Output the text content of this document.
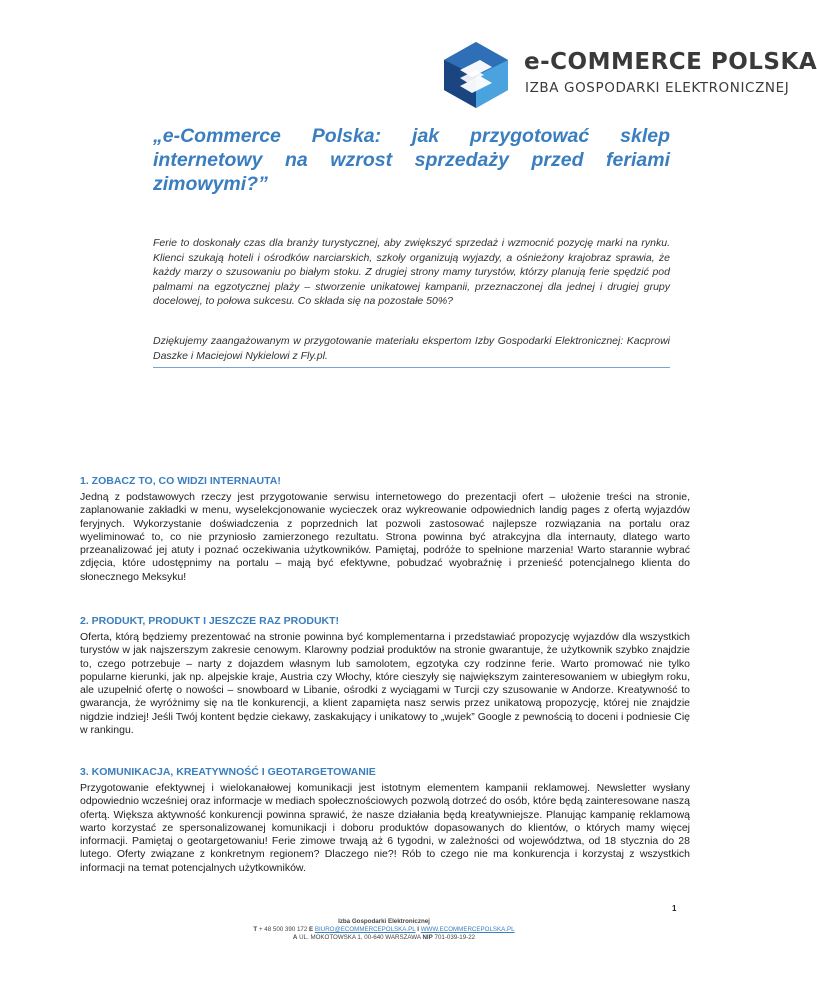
e-COMMERCE POLSKA
IZBA GOSPODARKI ELEKTRONICZNEJ
„e-Commerce Polska: jak przygotować sklep internetowy na wzrost sprzedaży przed feriami zimowymi?”

Ferie to doskonały czas dla branży turystycznej, aby zwiększyć sprzedaż i wzmocnić pozycję marki na rynku. Klienci szukają hoteli i ośrodków narciarskich, szkoły organizują wyjazdy, a ośnieżony krajobraz sprawia, że każdy marzy o szusowaniu po białym stoku. Z drugiej strony mamy turystów, którzy planują ferie spędzić pod palmami na egzotycznej plaży – stworzenie unikatowej kampanii, przeznaczonej dla jednej i drugiej grupy docelowej, to połowa sukcesu. Co składa się na pozostałe 50%?

Dziękujemy zaangażowanym w przygotowanie materiału ekspertom Izby Gospodarki Elektronicznej: Kacprowi Daszke i Maciejowi Nykielowi z Fly.pl.

1. ZOBACZ TO, CO WIDZI INTERNAUTA!

Jedną z podstawowych rzeczy jest przygotowanie serwisu internetowego do prezentacji ofert – ułożenie treści na stronie, zaplanowanie zakładki w menu, wyselekcjonowanie wycieczek oraz wykreowanie odpowiednich landig pages z ofertą wyjazdów feryjnych. Wykorzystanie doświadczenia z poprzednich lat pozwoli zastosować najlepsze rozwiązania na portalu oraz wyeliminować to, co nie przyniosło zamierzonego rezultatu. Strona powinna być atrakcyjna dla internauty, dlatego warto przeanalizować jej atuty i poznać oczekiwania użytkowników. Pamiętaj, podróże to spełnione marzenia! Warto starannie wybrać zdjęcia, które udostępnimy na portalu – mają być efektywne, pobudzać wyobraźnię i przenieść potencjalnego klienta do słonecznego Meksyku!

2. PRODUKT, PRODUKT I JESZCZE RAZ PRODUKT!

Oferta, którą będziemy prezentować na stronie powinna być komplementarna i przedstawiać propozycję wyjazdów dla wszystkich turystów w jak najszerszym zakresie cenowym. Klarowny podział produktów na stronie gwarantuje, że użytkownik szybko znajdzie to, czego potrzebuje – narty z dojazdem własnym lub samolotem, egzotyka czy rodzinne ferie. Warto promować nie tylko popularne kierunki, jak np. alpejskie kraje, Austria czy Włochy, które cieszyły się największym zainteresowaniem w ubiegłym roku, ale uzupełnić ofertę o nowości – snowboard w Libanie, ośrodki z wyciągami w Turcji czy szusowanie w Andorze. Kreatywność to gwarancja, że wyróżnimy się na tle konkurencji, a klient zapamięta nasz serwis przez unikatową propozycję, której nie znajdzie nigdzie indziej! Jeśli Twój kontent będzie ciekawy, zaskakujący i unikatowy to „wujek” Google z pewnością to doceni i podniesie Cię w rankingu.

3. KOMUNIKACJA, KREATYWNOŚĆ I GEOTARGETOWANIE

Przygotowanie efektywnej i wielokanałowej komunikacji jest istotnym elementem kampanii reklamowej. Newsletter wysłany odpowiednio wcześniej oraz informacje w mediach społecznościowych pozwolą dotrzeć do osób, które będą zainteresowane naszą ofertą. Większa aktywność konkurencji powinna sprawić, że nasze działania będą kreatywniejsze. Planując kampanię reklamową warto korzystać ze spersonalizowanej komunikacji i doboru produktów dopasowanych do klientów, o których mamy więcej informacji. Pamiętaj o geotargetowaniu! Ferie zimowe trwają aż 6 tygodni, w zależności od województwa, od 18 stycznia do 28 lutego. Oferty związane z konkretnym regionem? Dlaczego nie?! Rób to czego nie ma konkurencja i korzystaj z wszystkich informacji na temat potencjalnych użytkowników.

1
Izba Gospodarki Elektronicznej
T + 48 500 390 172 E BIURO@ECOMMERCEPOLSKA.PL I WWW.ECOMMERCEPOLSKA.PL
A UL. MOKOTOWSKA 1, 00-640 WARSZAWA NIP 701-039-19-22
